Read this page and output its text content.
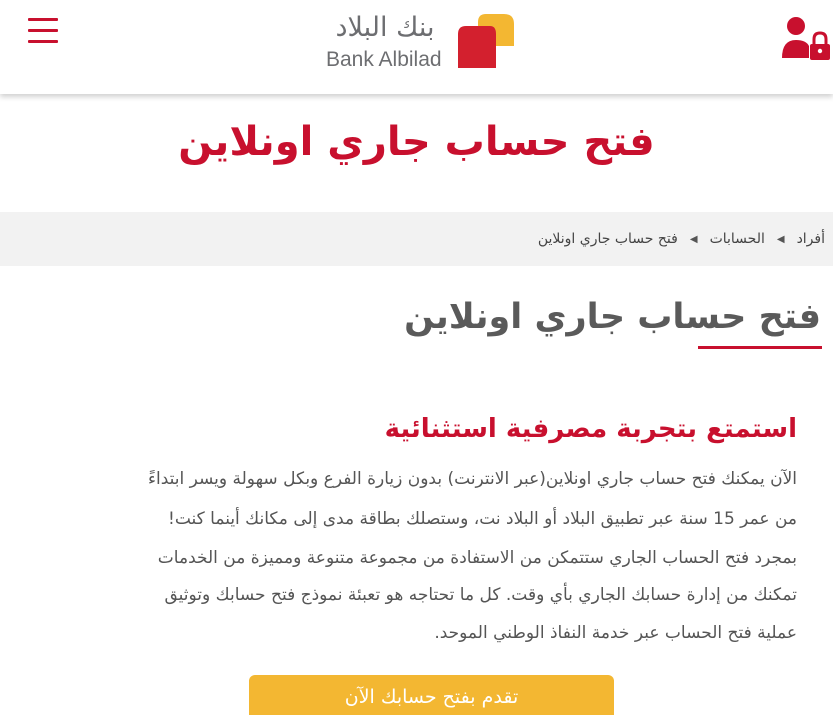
بنك البلاد
Bank Albilad
فتح حساب جاري اونلاين
أفراد
◀
الحسابات
◀
فتح حساب جاري اونلاين
فتح حساب جاري اونلاين
استمتع بتجربة مصرفية استثنائية

الآن يمكنك فتح حساب جاري اونلاين(عبر الانترنت) بدون زيارة الفرع وبكل سهولة ويسر ابتداءً

من عمر 15 سنة عبر تطبيق البلاد أو البلاد نت، وستصلك بطاقة مدى إلى مكانك أينما كنت!

بمجرد فتح الحساب الجاري ستتمكن من الاستفادة من مجموعة متنوعة ومميزة من الخدمات

تمكنك من إدارة حسابك الجاري بأي وقت. كل ما تحتاجه هو تعبئة نموذج فتح حسابك وتوثيق

عملية فتح الحساب عبر خدمة النفاذ الوطني الموحد.

تقدم بفتح حسابك الآن
